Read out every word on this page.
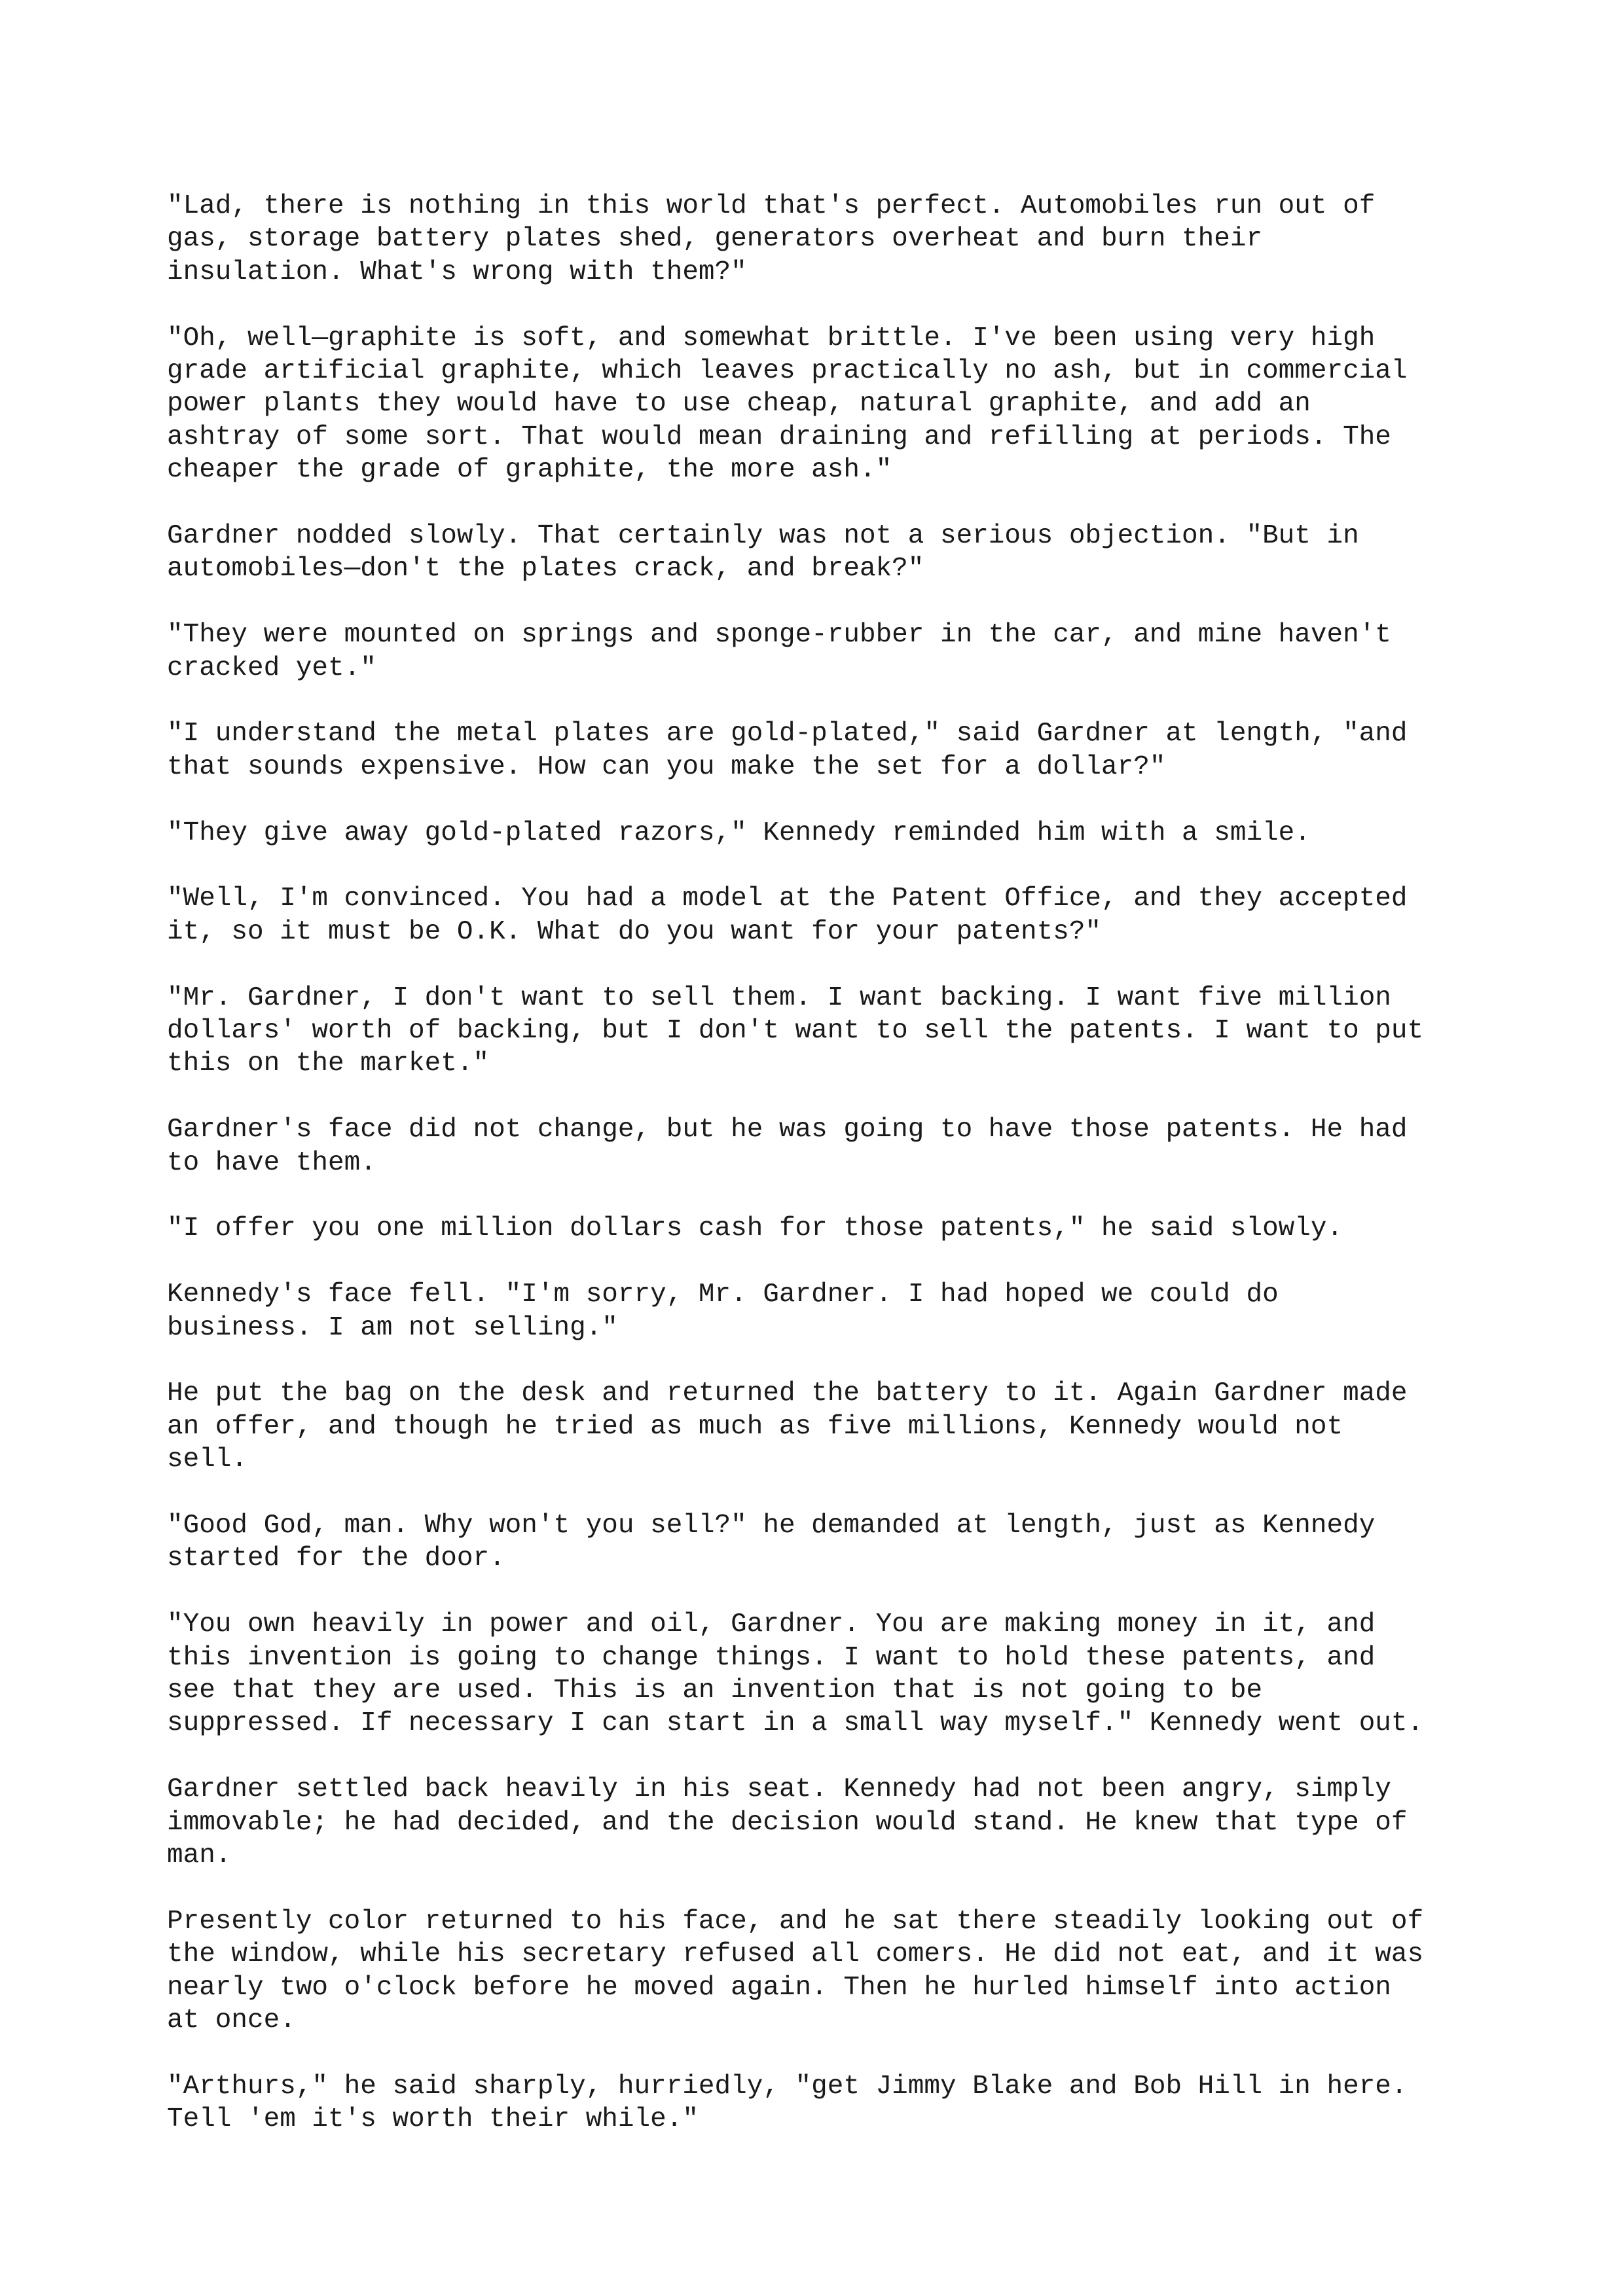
"Lad, there is nothing in this world that's perfect. Automobiles run out of
gas, storage battery plates shed, generators overheat and burn their
insulation. What's wrong with them?"

"Oh, well—graphite is soft, and somewhat brittle. I've been using very high
grade artificial graphite, which leaves practically no ash, but in commercial
power plants they would have to use cheap, natural graphite, and add an
ashtray of some sort. That would mean draining and refilling at periods. The
cheaper the grade of graphite, the more ash."

Gardner nodded slowly. That certainly was not a serious objection. "But in
automobiles—don't the plates crack, and break?"

"They were mounted on springs and sponge-rubber in the car, and mine haven't
cracked yet."

"I understand the metal plates are gold-plated," said Gardner at length, "and
that sounds expensive. How can you make the set for a dollar?"

"They give away gold-plated razors," Kennedy reminded him with a smile.

"Well, I'm convinced. You had a model at the Patent Office, and they accepted
it, so it must be O.K. What do you want for your patents?"

"Mr. Gardner, I don't want to sell them. I want backing. I want five million
dollars' worth of backing, but I don't want to sell the patents. I want to put
this on the market."

Gardner's face did not change, but he was going to have those patents. He had
to have them.

"I offer you one million dollars cash for those patents," he said slowly.

Kennedy's face fell. "I'm sorry, Mr. Gardner. I had hoped we could do
business. I am not selling."

He put the bag on the desk and returned the battery to it. Again Gardner made
an offer, and though he tried as much as five millions, Kennedy would not
sell.

"Good God, man. Why won't you sell?" he demanded at length, just as Kennedy
started for the door.

"You own heavily in power and oil, Gardner. You are making money in it, and
this invention is going to change things. I want to hold these patents, and
see that they are used. This is an invention that is not going to be
suppressed. If necessary I can start in a small way myself." Kennedy went out.

Gardner settled back heavily in his seat. Kennedy had not been angry, simply
immovable; he had decided, and the decision would stand. He knew that type of
man.

Presently color returned to his face, and he sat there steadily looking out of
the window, while his secretary refused all comers. He did not eat, and it was
nearly two o'clock before he moved again. Then he hurled himself into action
at once.

"Arthurs," he said sharply, hurriedly, "get Jimmy Blake and Bob Hill in here.
Tell 'em it's worth their while."
